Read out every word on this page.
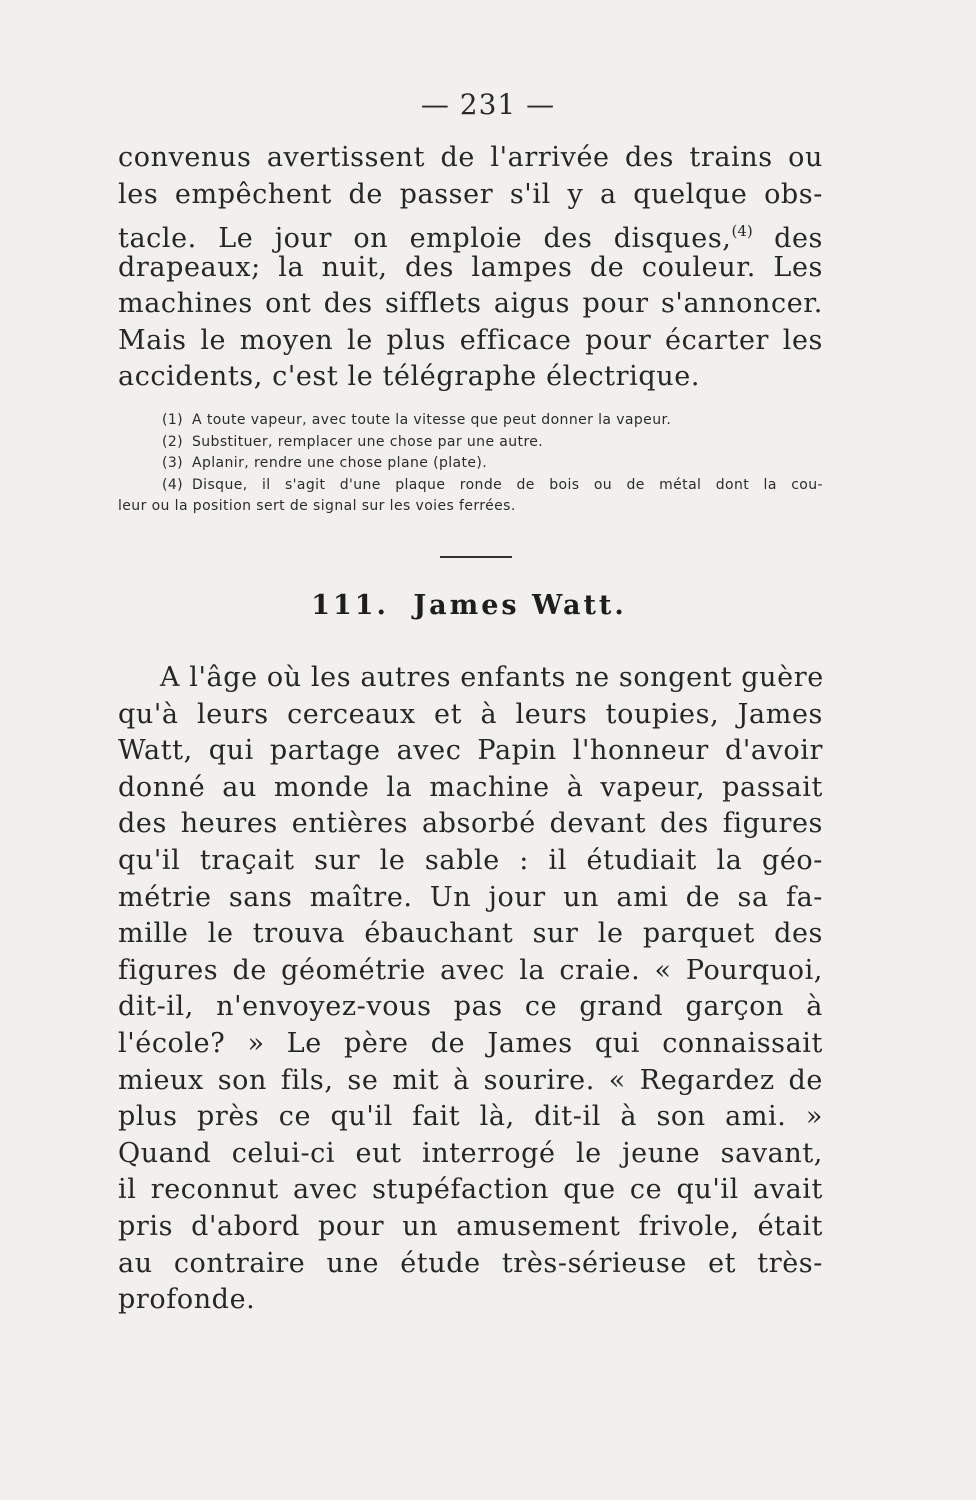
— 231 —
convenus avertissent de l'arrivée des trains ou
les empêchent de passer s'il y a quelque obs-
tacle. Le jour on emploie des disques,$^{(4)}$ des
drapeaux; la nuit, des lampes de couleur. Les
machines ont des sifflets aigus pour s'annoncer.
Mais le moyen le plus efficace pour écarter les
accidents, c'est le télégraphe électrique.
(1) A toute vapeur, avec toute la vitesse que peut donner la vapeur.
(2) Substituer, remplacer une chose par une autre.
(3) Aplanir, rendre une chose plane (plate).
(4) Disque, il s'agit d'une plaque ronde de bois ou de métal dont la cou-
leur ou la position sert de signal sur les voies ferrées.
111. James Watt.
A l'âge où les autres enfants ne songent guère
qu'à leurs cerceaux et à leurs toupies, James
Watt, qui partage avec Papin l'honneur d'avoir
donné au monde la machine à vapeur, passait
des heures entières absorbé devant des figures
qu'il traçait sur le sable : il étudiait la géo-
métrie sans maître. Un jour un ami de sa fa-
mille le trouva ébauchant sur le parquet des
figures de géométrie avec la craie. « Pourquoi,
dit-il, n'envoyez-vous pas ce grand garçon à
l'école? » Le père de James qui connaissait
mieux son fils, se mit à sourire. « Regardez de
plus près ce qu'il fait là, dit-il à son ami. »
Quand celui-ci eut interrogé le jeune savant,
il reconnut avec stupéfaction que ce qu'il avait
pris d'abord pour un amusement frivole, était
au contraire une étude très-sérieuse et très-
profonde.
